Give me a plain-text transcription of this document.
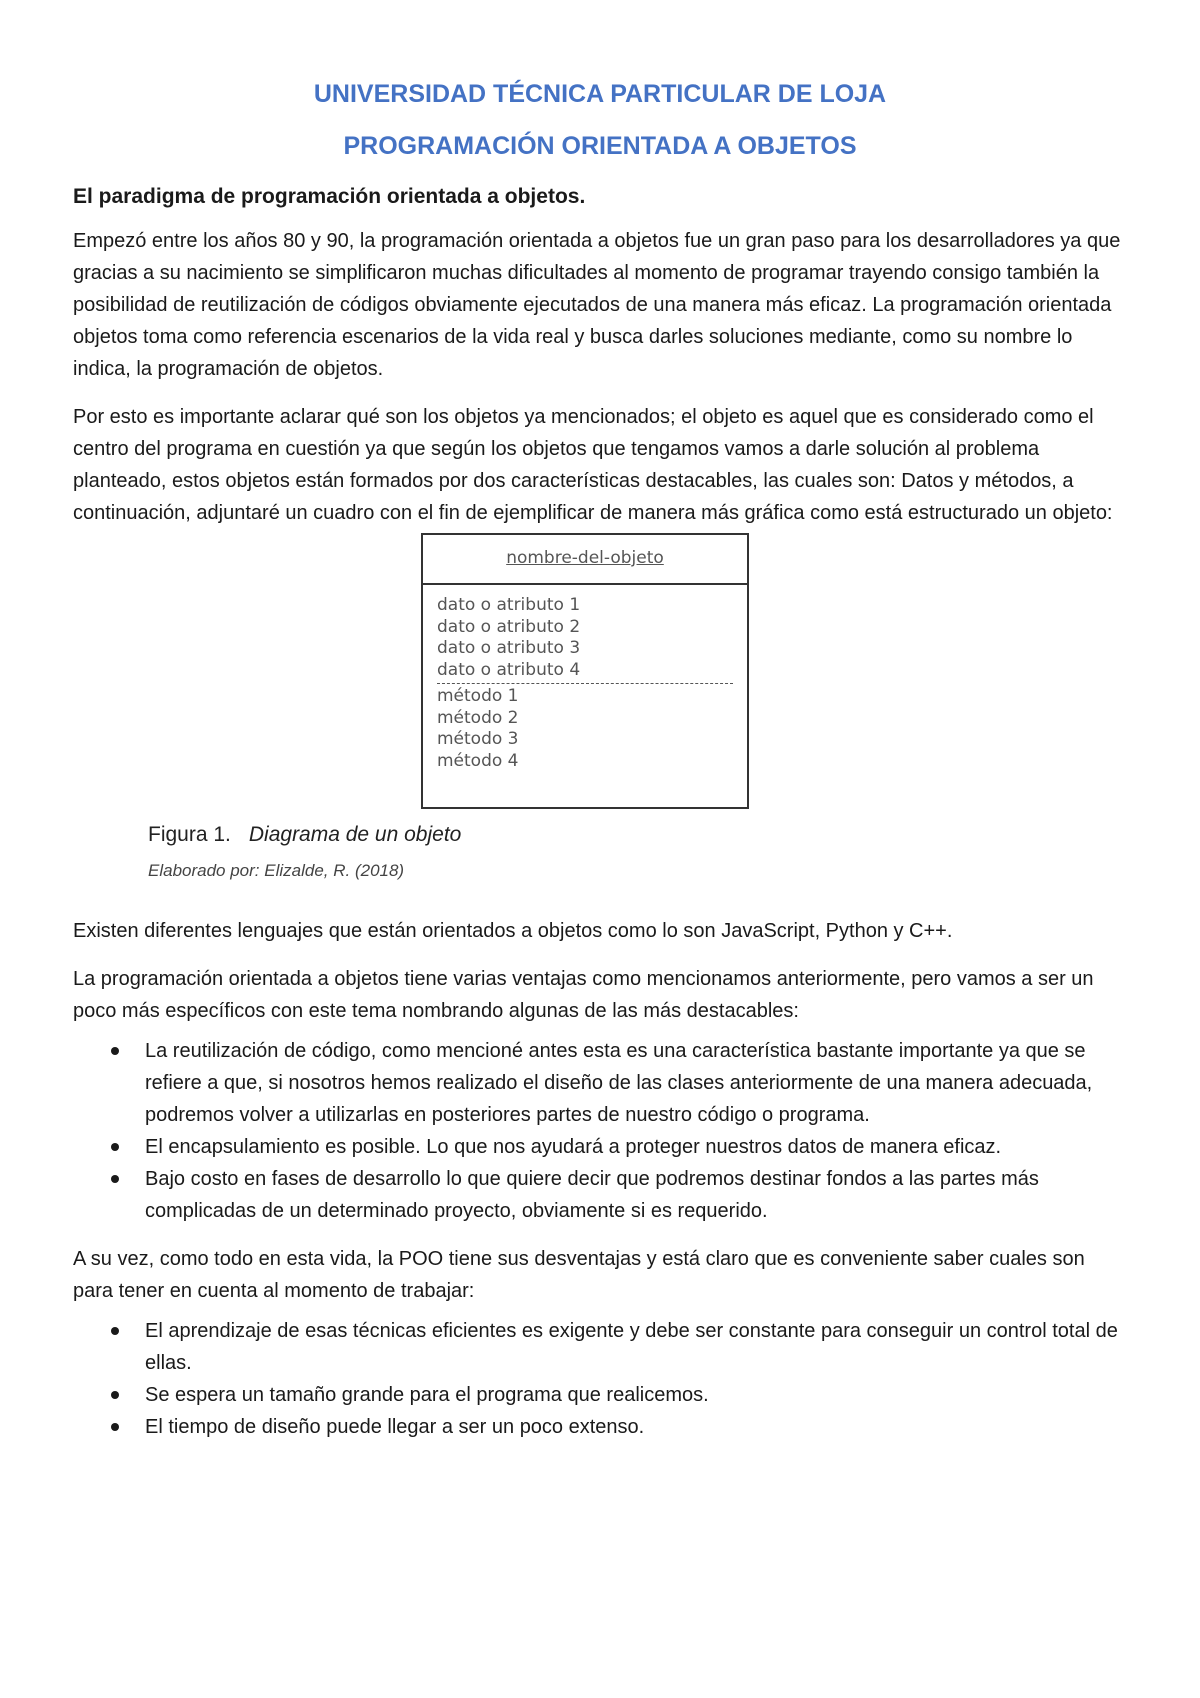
UNIVERSIDAD TÉCNICA PARTICULAR DE LOJA
PROGRAMACIÓN ORIENTADA A OBJETOS

El paradigma de programación orientada a objetos.

Empezó entre los años 80 y 90, la programación orientada a objetos fue un gran paso para los desarrolladores ya que gracias a su nacimiento se simplificaron muchas dificultades al momento de programar trayendo consigo también la posibilidad de reutilización de códigos obviamente ejecutados de una manera más eficaz. La programación orientada objetos toma como referencia escenarios de la vida real y busca darles soluciones mediante, como su nombre lo indica, la programación de objetos.

Por esto es importante aclarar qué son los objetos ya mencionados; el objeto es aquel que es considerado como el centro del programa en cuestión ya que según los objetos que tengamos vamos a darle solución al problema planteado, estos objetos están formados por dos características destacables, las cuales son: Datos y métodos, a continuación, adjuntaré un cuadro con el fin de ejemplificar de manera más gráfica como está estructurado un objeto:

nombre-del-objeto
dato o atributo 1
dato o atributo 2
dato o atributo 3
dato o atributo 4
método 1
método 2
método 3
método 4
Figura 1. Diagrama de un objeto
Elaborado por: Elizalde, R. (2018)

Existen diferentes lenguajes que están orientados a objetos como lo son JavaScript, Python y C++.

La programación orientada a objetos tiene varias ventajas como mencionamos anteriormente, pero vamos a ser un poco más específicos con este tema nombrando algunas de las más destacables:

La reutilización de código, como mencioné antes esta es una característica bastante importante ya que se refiere a que, si nosotros hemos realizado el diseño de las clases anteriormente de una manera adecuada, podremos volver a utilizarlas en posteriores partes de nuestro código o programa.
El encapsulamiento es posible. Lo que nos ayudará a proteger nuestros datos de manera eficaz.
Bajo costo en fases de desarrollo lo que quiere decir que podremos destinar fondos a las partes más complicadas de un determinado proyecto, obviamente si es requerido.

A su vez, como todo en esta vida, la POO tiene sus desventajas y está claro que es conveniente saber cuales son para tener en cuenta al momento de trabajar:

El aprendizaje de esas técnicas eficientes es exigente y debe ser constante para conseguir un control total de ellas.
Se espera un tamaño grande para el programa que realicemos.
El tiempo de diseño puede llegar a ser un poco extenso.
